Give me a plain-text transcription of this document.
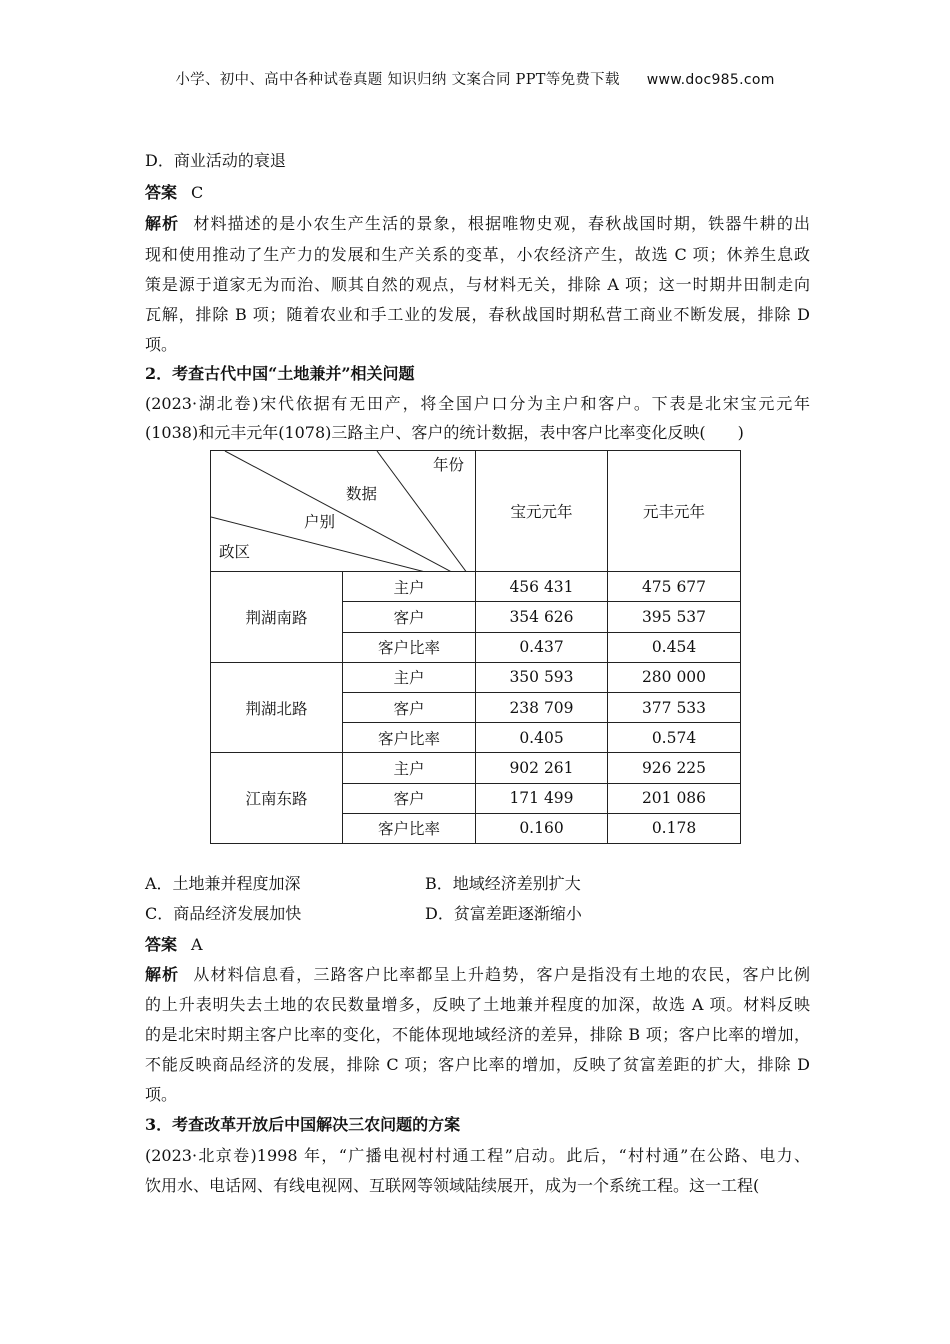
小学、初中、高中各种试卷真题 知识归纳 文案合同 PPT等免费下载 www.doc985.com
D．商业活动的衰退
答案 C
解析 材料描述的是小农生产生活的景象，根据唯物史观，春秋战国时期，铁器牛耕的出
现和使用推动了生产力的发展和生产关系的变革，小农经济产生，故选 C 项；休养生息政
策是源于道家无为而治、顺其自然的观点，与材料无关，排除 A 项；这一时期井田制走向
瓦解，排除 B 项；随着农业和手工业的发展，春秋战国时期私营工商业不断发展，排除 D
项。
2．考查古代中国“土地兼并”相关问题
(2023·湖北卷)宋代依据有无田产，将全国户口分为主户和客户。下表是北宋宝元元年
(1038)和元丰元年(1078)三路主户、客户的统计数据，表中客户比率变化反映(　　)
年份
数据
户别
政区		宝元元年	元丰元年
荆湖南路	主户	456 431	475 677
	客户	354 626	395 537
	客户比率	0.437	0.454
荆湖北路	主户	350 593	280 000
	客户	238 709	377 533
	客户比率	0.405	0.574
江南东路	主户	902 261	926 225
	客户	171 499	201 086
	客户比率	0.160	0.178
A．土地兼并程度加深	B．地域经济差别扩大
C．商品经济发展加快	D．贫富差距逐渐缩小
答案 A
解析 从材料信息看，三路客户比率都呈上升趋势，客户是指没有土地的农民，客户比例
的上升表明失去土地的农民数量增多，反映了土地兼并程度的加深，故选 A 项。材料反映
的是北宋时期主客户比率的变化，不能体现地域经济的差异，排除 B 项；客户比率的增加，
不能反映商品经济的发展，排除 C 项；客户比率的增加，反映了贫富差距的扩大，排除 D
项。
3．考查改革开放后中国解决三农问题的方案
(2023·北京卷)1998 年，“广播电视村村通工程”启动。此后，“村村通”在公路、电力、
饮用水、电话网、有线电视网、互联网等领域陆续展开，成为一个系统工程。这一工程(
